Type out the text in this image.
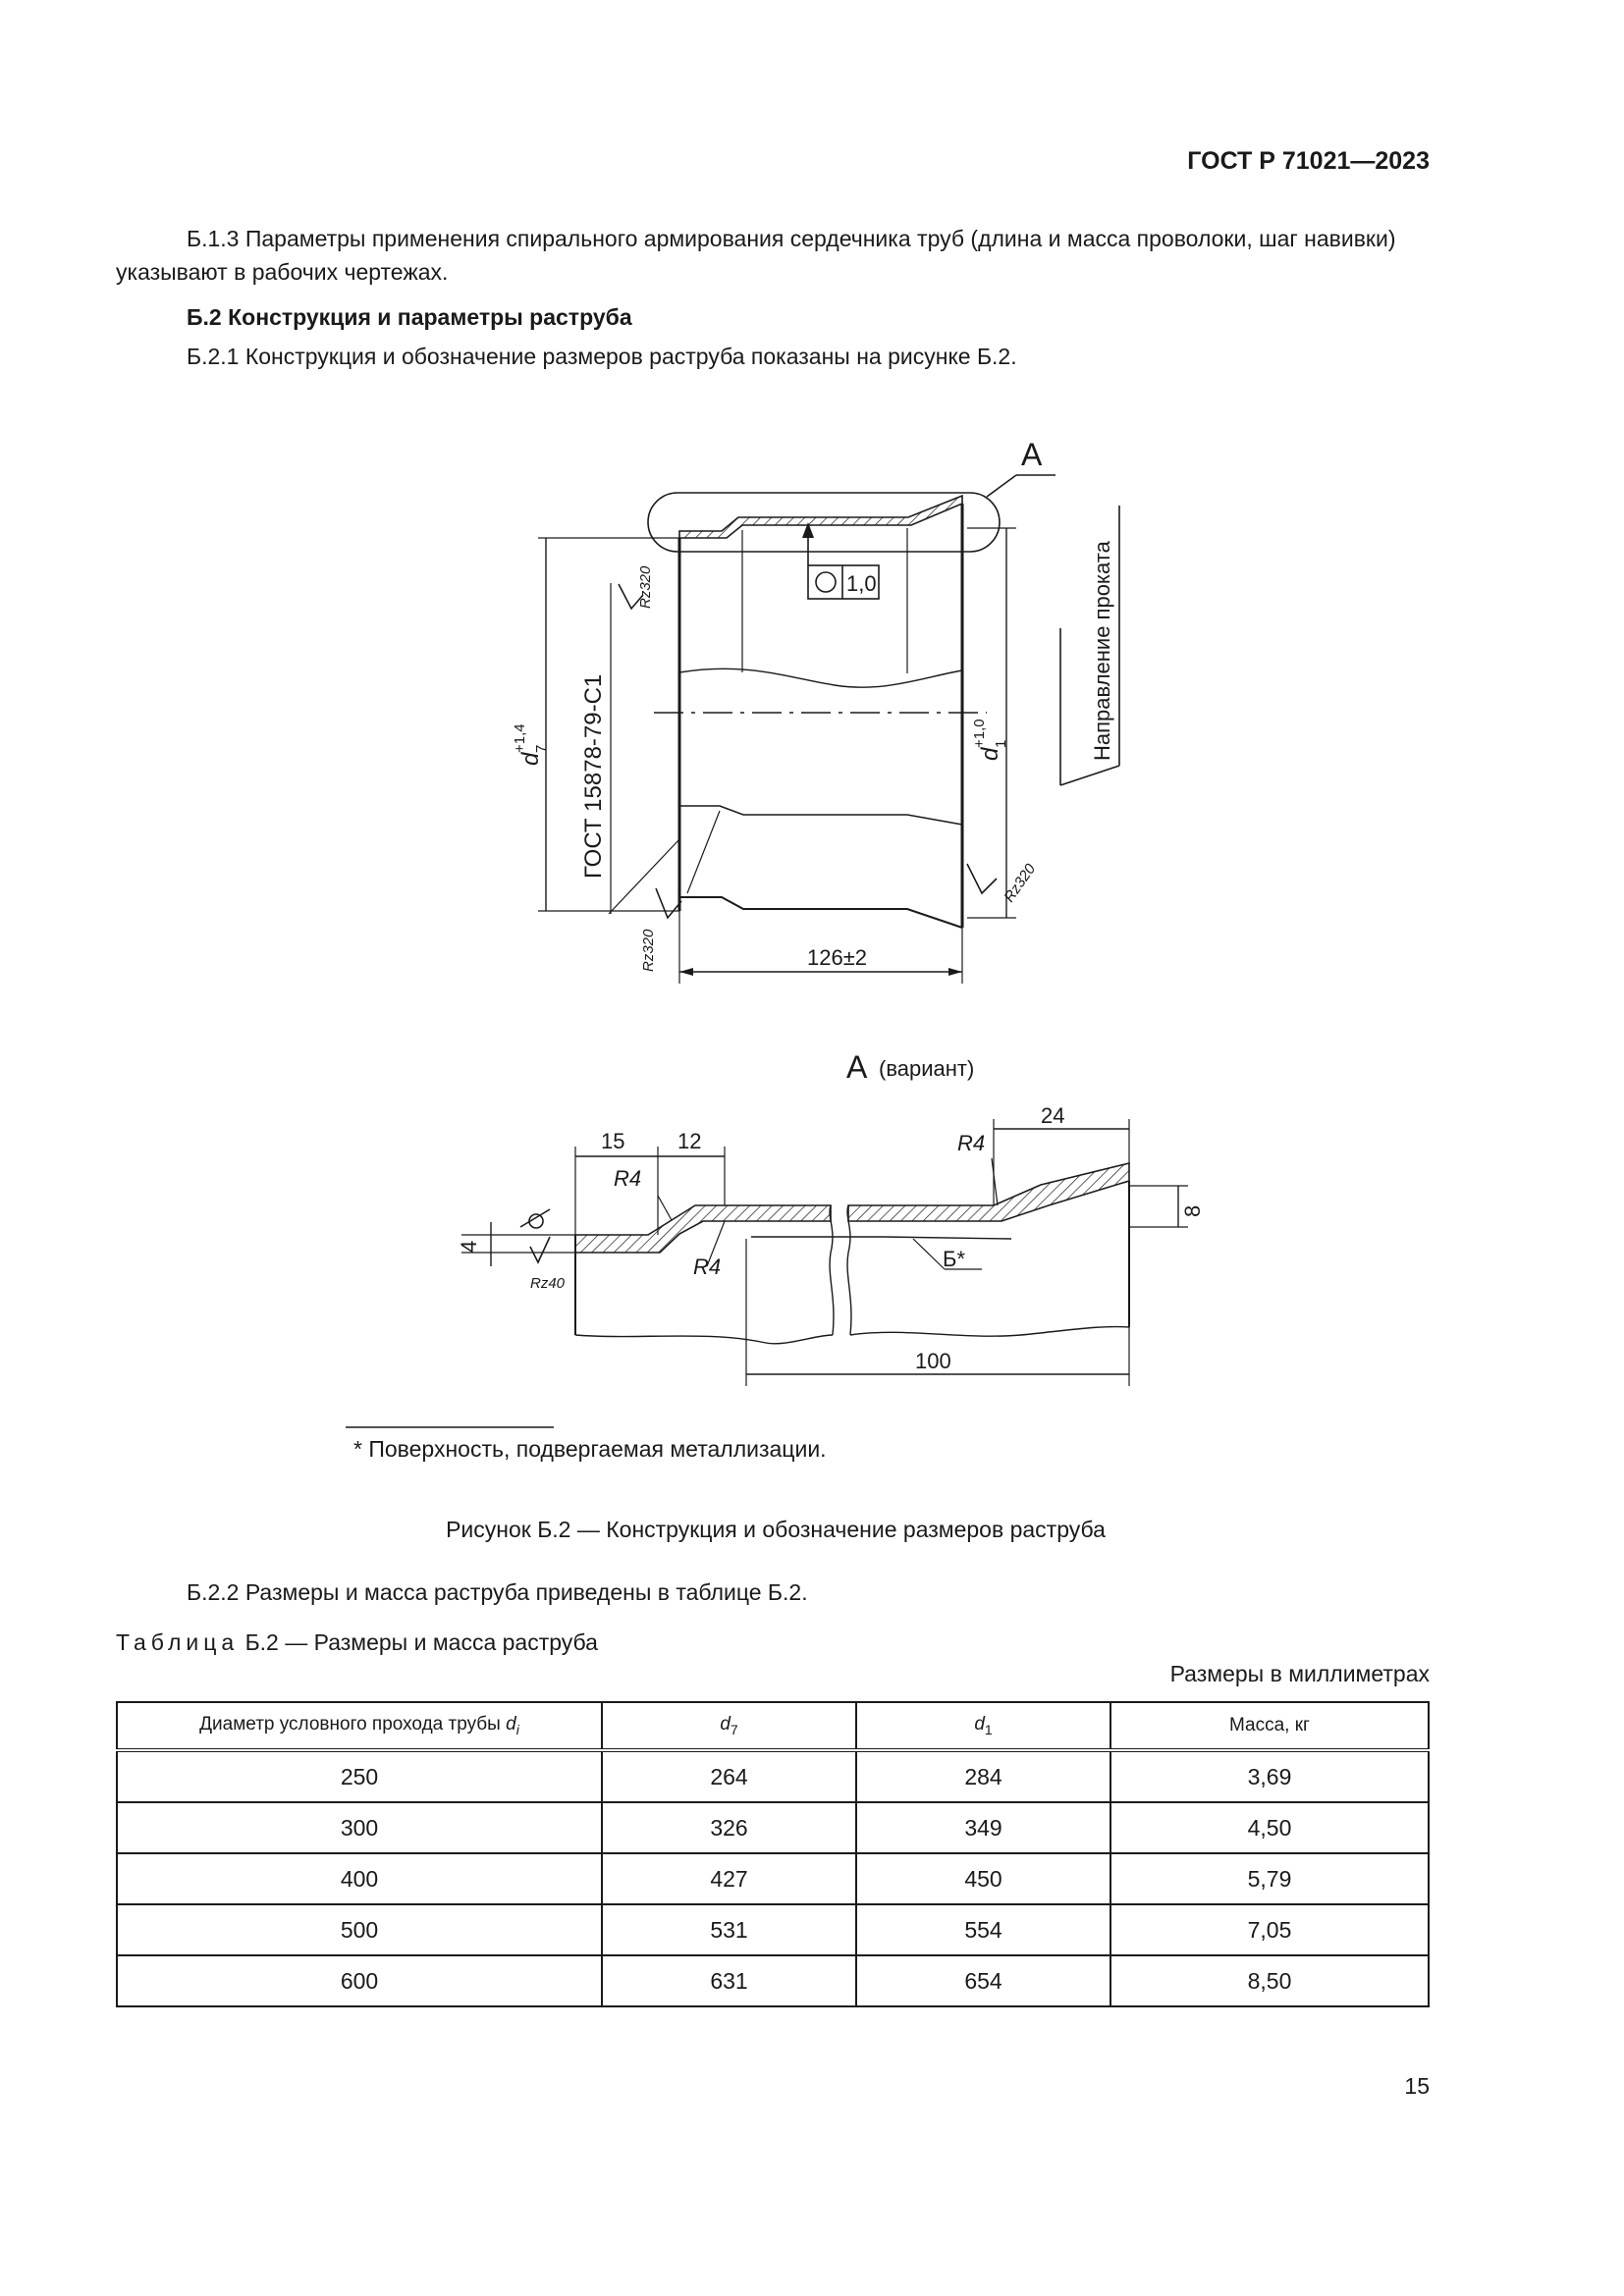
ГОСТ Р 71021—2023
Б.1.3 Параметры применения спирального армирования сердечника труб (длина и масса проволоки, шаг навивки) указывают в рабочих чертежах.
Б.2 Конструкция и параметры раструба
Б.2.1 Конструкция и обозначение размеров раструба показаны на рисунке Б.2.
А
1,0
Rz320
Rz320
Rz320
ГОСТ 15878-79-С1
d
7
+1,4
d
1
+1,0	Направление проката
126±2
А (вариант)
15 12
24
4
8
100
R4
R4
R4
Rz40
Б*
* Поверхность, подвергаемая металлизации.
Рисунок Б.2 — Конструкция и обозначение размеров раструба
Б.2.2 Размеры и масса раструба приведены в таблице Б.2.
Таблица Б.2 — Размеры и масса раструба
Размеры в миллиметрах
Диаметр условного прохода трубы $d_i$	$d_7$	$d_1$	Масса, кг
250	264	284	3,69
300	326	349	4,50
400	427	450	5,79
500	531	554	7,05
600	631	654	8,50
15
